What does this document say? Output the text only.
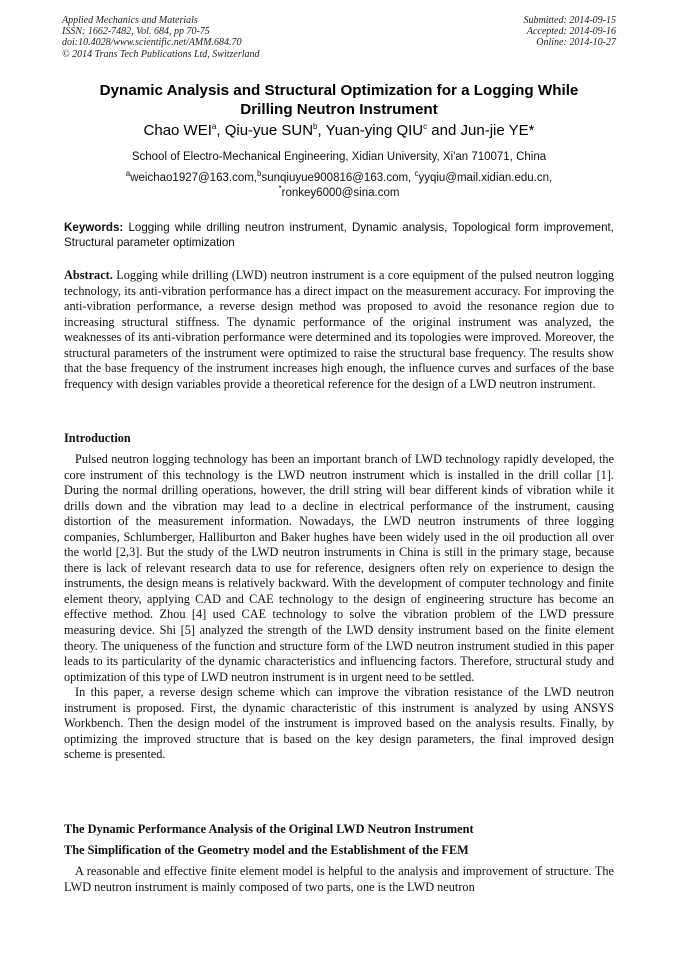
Applied Mechanics and Materials
ISSN: 1662-7482, Vol. 684, pp 70-75
doi:10.4028/www.scientific.net/AMM.684.70
© 2014 Trans Tech Publications Ltd, Switzerland
Submitted: 2014-09-15
Accepted: 2014-09-16
Online: 2014-10-27
Dynamic Analysis and Structural Optimization for a Logging While
Drilling Neutron Instrument
Chao WEI$^a$, Qiu-yue SUN$^b$, Yuan-ying QIU$^c$ and Jun-jie YE*
School of Electro-Mechanical Engineering, Xidian University, Xi'an 710071, China
$^a$weichao1927@163.com,$^b$sunqiuyue900816@163.com, $^c$yyqiu@mail.xidian.edu.cn,
*ronkey6000@sina.com
Keywords: Logging while drilling neutron instrument, Dynamic analysis, Topological form improvement, Structural parameter optimization
Abstract. Logging while drilling (LWD) neutron instrument is a core equipment of the pulsed neutron logging technology, its anti-vibration performance has a direct impact on the measurement accuracy. For improving the anti-vibration performance, a reverse design method was proposed to avoid the resonance region due to increasing structural stiffness. The dynamic performance of the original instrument was analyzed, the weaknesses of its anti-vibration performance were determined and its topologies were improved. Moreover, the structural parameters of the instrument were optimized to raise the structural base frequency. The results show that the base frequency of the instrument increases high enough, the influence curves and surfaces of the base frequency with design variables provide a theoretical reference for the design of a LWD neutron instrument.
Introduction

Pulsed neutron logging technology has been an important branch of LWD technology rapidly developed, the core instrument of this technology is the LWD neutron instrument which is installed in the drill collar [1]. During the normal drilling operations, however, the drill string will bear different kinds of vibration while it drills down and the vibration may lead to a decline in electrical performance of the instrument, causing distortion of the measurement information. Nowadays, the LWD neutron instruments of three logging companies, Schlumberger, Halliburton and Baker hughes have been widely used in the oil production all over the world [2,3]. But the study of the LWD neutron instruments in China is still in the primary stage, because there is lack of relevant research data to use for reference, designers often rely on experience to design the instruments, the design means is relatively backward. With the development of computer technology and finite element theory, applying CAD and CAE technology to the design of engineering structure has become an effective method. Zhou [4] used CAE technology to solve the vibration problem of the LWD pressure measuring device. Shi [5] analyzed the strength of the LWD density instrument based on the finite element theory. The uniqueness of the function and structure form of the LWD neutron instrument studied in this paper leads to its particularity of the dynamic characteristics and influencing factors. Therefore, structural study and optimization of this type of LWD neutron instrument is in urgent need to be settled.

In this paper, a reverse design scheme which can improve the vibration resistance of the LWD neutron instrument is proposed. First, the dynamic characteristic of this instrument is analyzed by using ANSYS Workbench. Then the design model of the instrument is improved based on the analysis results. Finally, by optimizing the improved structure that is based on the key design parameters, the final improved design scheme is presented.

The Dynamic Performance Analysis of the Original LWD Neutron Instrument
The Simplification of the Geometry model and the Establishment of the FEM

A reasonable and effective finite element model is helpful to the analysis and improvement of structure. The LWD neutron instrument is mainly composed of two parts, one is the LWD neutron
